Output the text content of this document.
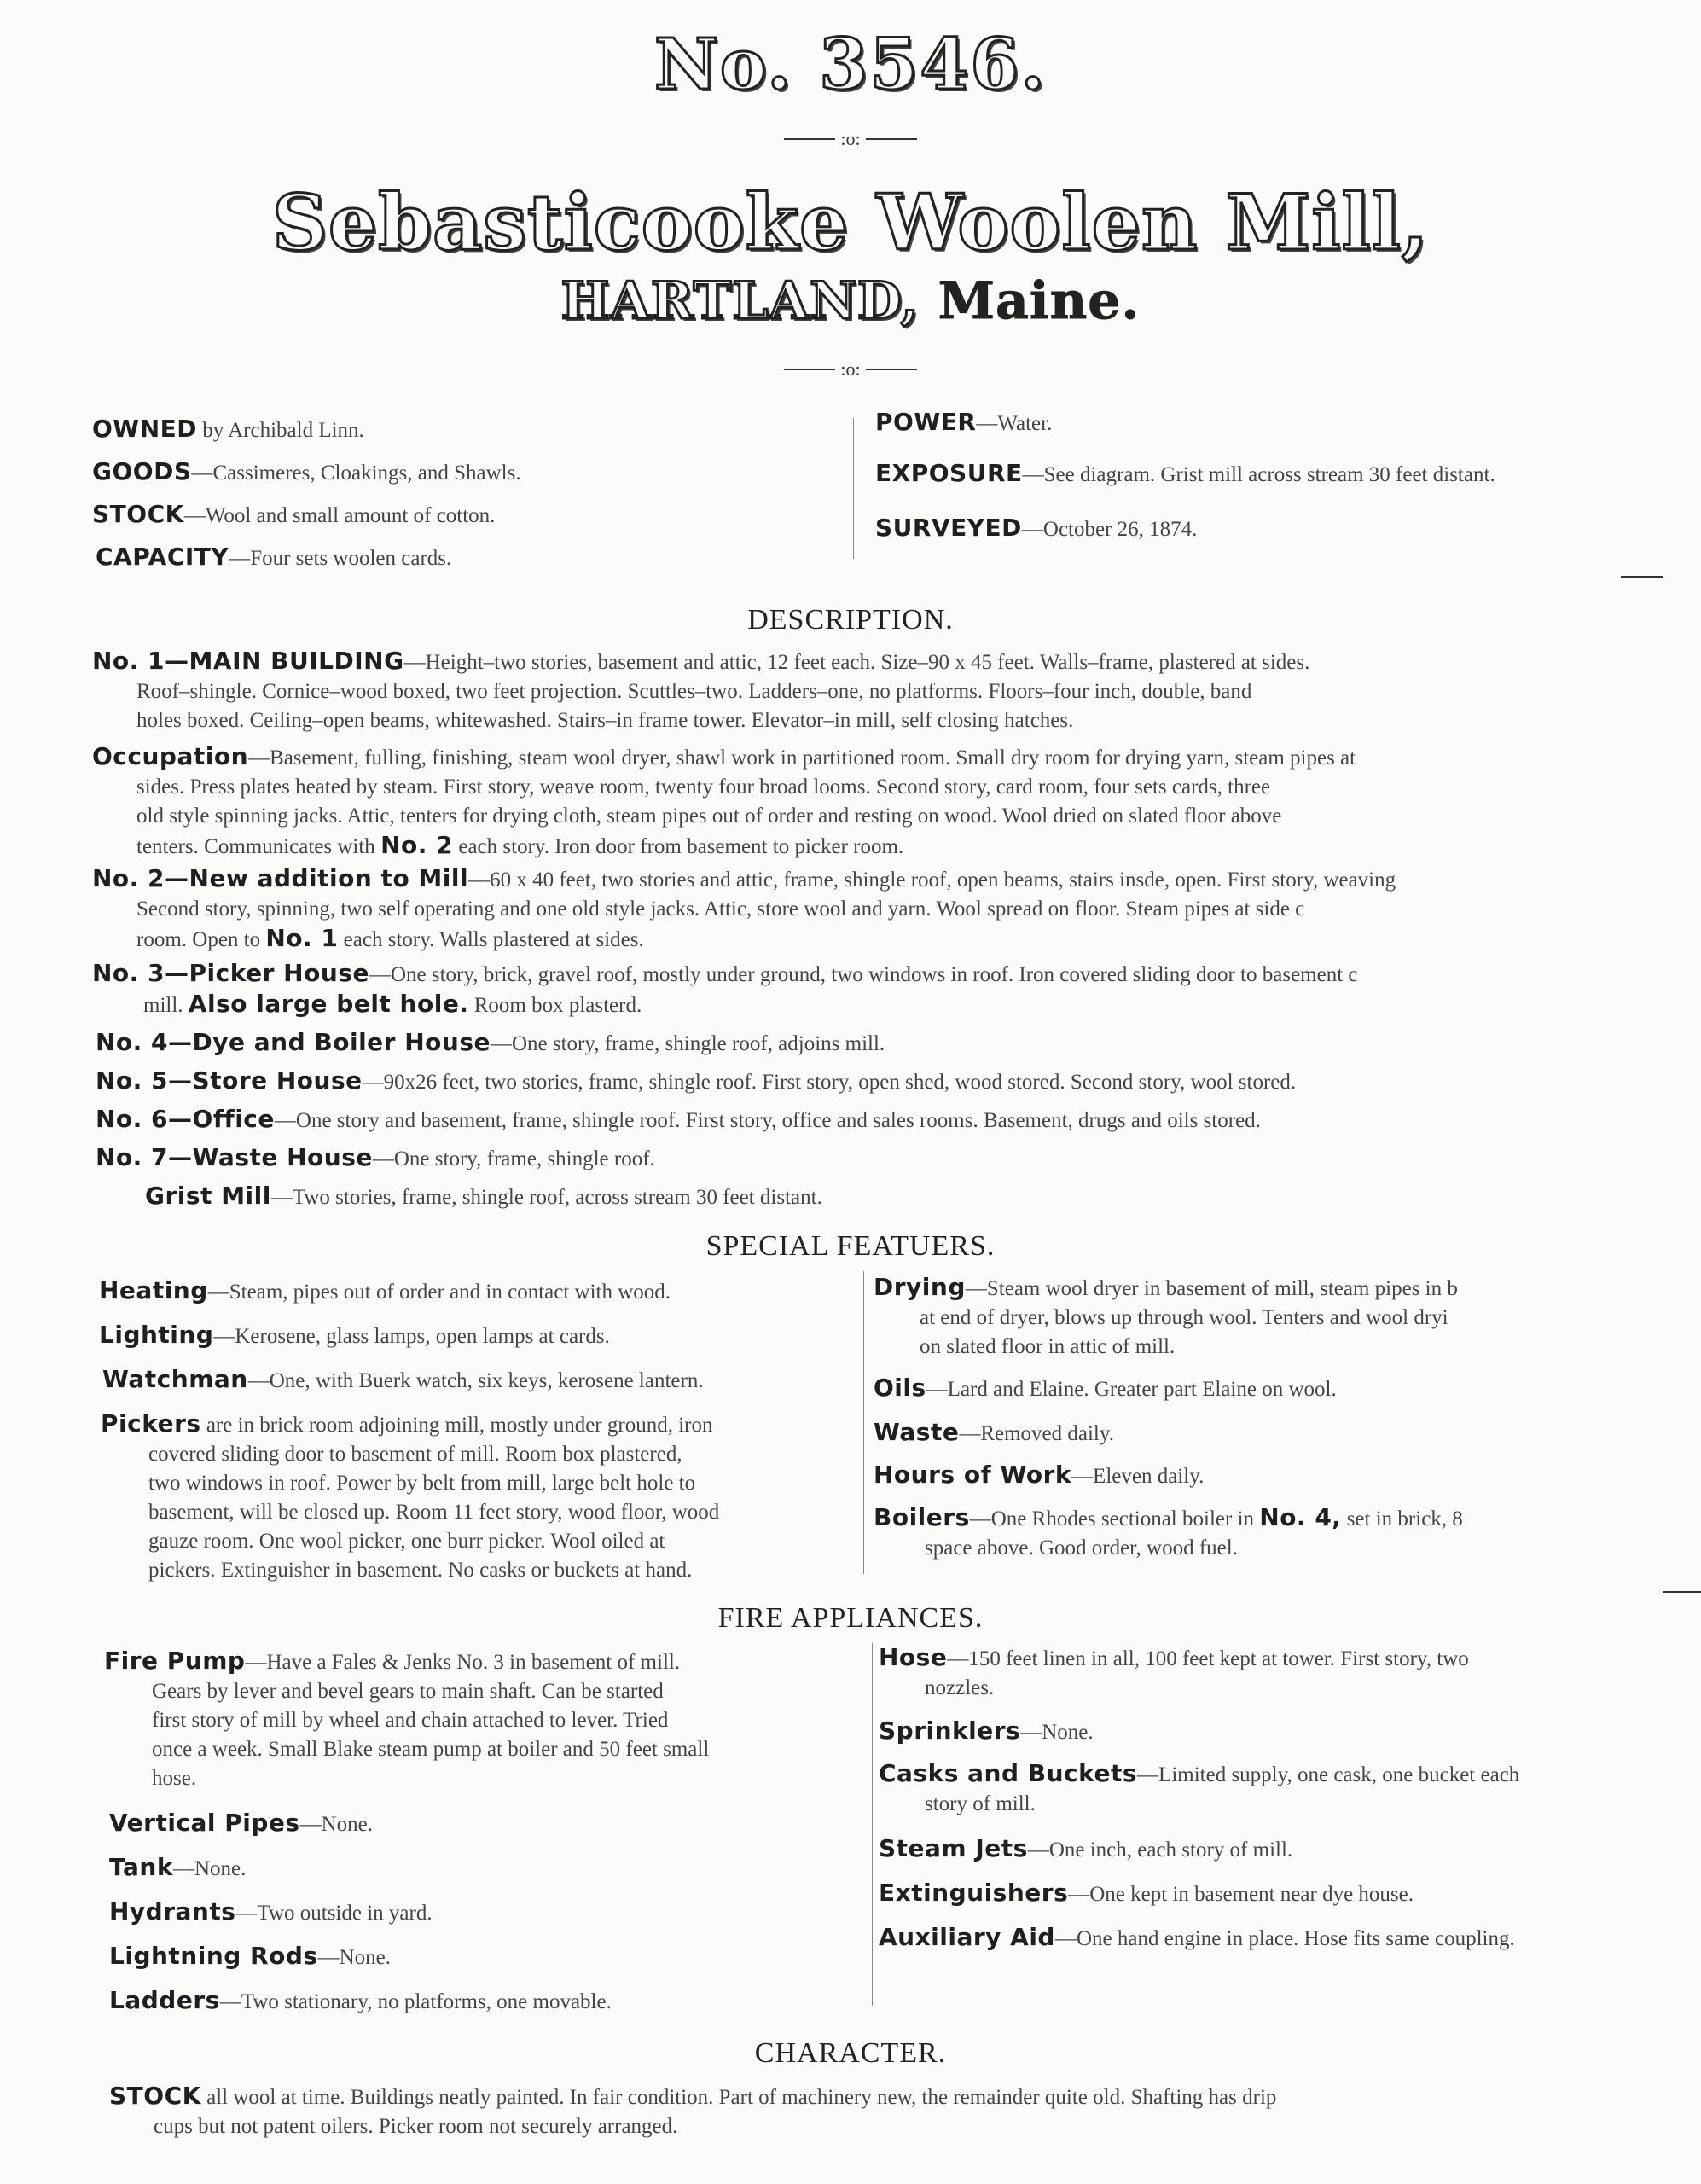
No. 3546.
:o:
Sebasticooke Woolen Mill,
HARTLAND, Maine.
:o:
OWNED by Archibald Linn.
GOODS—Cassimeres, Cloakings, and Shawls.
STOCK—Wool and small amount of cotton.
CAPACITY—Four sets woolen cards.
POWER—Water.
EXPOSURE—See diagram. Grist mill across stream 30 feet distant.
SURVEYED—October 26, 1874.
DESCRIPTION.
No. 1—MAIN BUILDING—Height–two stories, basement and attic, 12 feet each. Size–90 x 45 feet. Walls–frame, plastered at sides.
Roof–shingle. Cornice–wood boxed, two feet projection. Scuttles–two. Ladders–one, no platforms. Floors–four inch, double, band
holes boxed. Ceiling–open beams, whitewashed. Stairs–in frame tower. Elevator–in mill, self closing hatches.
Occupation—Basement, fulling, finishing, steam wool dryer, shawl work in partitioned room. Small dry room for drying yarn, steam pipes at
sides. Press plates heated by steam. First story, weave room, twenty four broad looms. Second story, card room, four sets cards, three
old style spinning jacks. Attic, tenters for drying cloth, steam pipes out of order and resting on wood. Wool dried on slated floor above
tenters. Communicates with No. 2 each story. Iron door from basement to picker room.
No. 2—New addition to Mill—60 x 40 feet, two stories and attic, frame, shingle roof, open beams, stairs insde, open. First story, weaving
Second story, spinning, two self operating and one old style jacks. Attic, store wool and yarn. Wool spread on floor. Steam pipes at side c
room. Open to No. 1 each story. Walls plastered at sides.
No. 3—Picker House—One story, brick, gravel roof, mostly under ground, two windows in roof. Iron covered sliding door to basement c
mill. Also large belt hole. Room box plasterd.
No. 4—Dye and Boiler House—One story, frame, shingle roof, adjoins mill.
No. 5—Store House—90x26 feet, two stories, frame, shingle roof. First story, open shed, wood stored. Second story, wool stored.
No. 6—Office—One story and basement, frame, shingle roof. First story, office and sales rooms. Basement, drugs and oils stored.
No. 7—Waste House—One story, frame, shingle roof.
Grist Mill—Two stories, frame, shingle roof, across stream 30 feet distant.
SPECIAL FEATUERS.
Heating—Steam, pipes out of order and in contact with wood.
Lighting—Kerosene, glass lamps, open lamps at cards.
Watchman—One, with Buerk watch, six keys, kerosene lantern.
Pickers are in brick room adjoining mill, mostly under ground, iron
covered sliding door to basement of mill. Room box plastered,
two windows in roof. Power by belt from mill, large belt hole to
basement, will be closed up. Room 11 feet story, wood floor, wood
gauze room. One wool picker, one burr picker. Wool oiled at
pickers. Extinguisher in basement. No casks or buckets at hand.
Drying—Steam wool dryer in basement of mill, steam pipes in b
at end of dryer, blows up through wool. Tenters and wool dryi
on slated floor in attic of mill.
Oils—Lard and Elaine. Greater part Elaine on wool.
Waste—Removed daily.
Hours of Work—Eleven daily.
Boilers—One Rhodes sectional boiler in No. 4, set in brick, 8
space above. Good order, wood fuel.
FIRE APPLIANCES.
Fire Pump—Have a Fales & Jenks No. 3 in basement of mill.
Gears by lever and bevel gears to main shaft. Can be started
first story of mill by wheel and chain attached to lever. Tried
once a week. Small Blake steam pump at boiler and 50 feet small
hose.
Vertical Pipes—None.
Tank—None.
Hydrants—Two outside in yard.
Lightning Rods—None.
Ladders—Two stationary, no platforms, one movable.
Hose—150 feet linen in all, 100 feet kept at tower. First story, two
nozzles.
Sprinklers—None.
Casks and Buckets—Limited supply, one cask, one bucket each
story of mill.
Steam Jets—One inch, each story of mill.
Extinguishers—One kept in basement near dye house.
Auxiliary Aid—One hand engine in place. Hose fits same coupling.
CHARACTER.
STOCK all wool at time. Buildings neatly painted. In fair condition. Part of machinery new, the remainder quite old. Shafting has drip
cups but not patent oilers. Picker room not securely arranged.
